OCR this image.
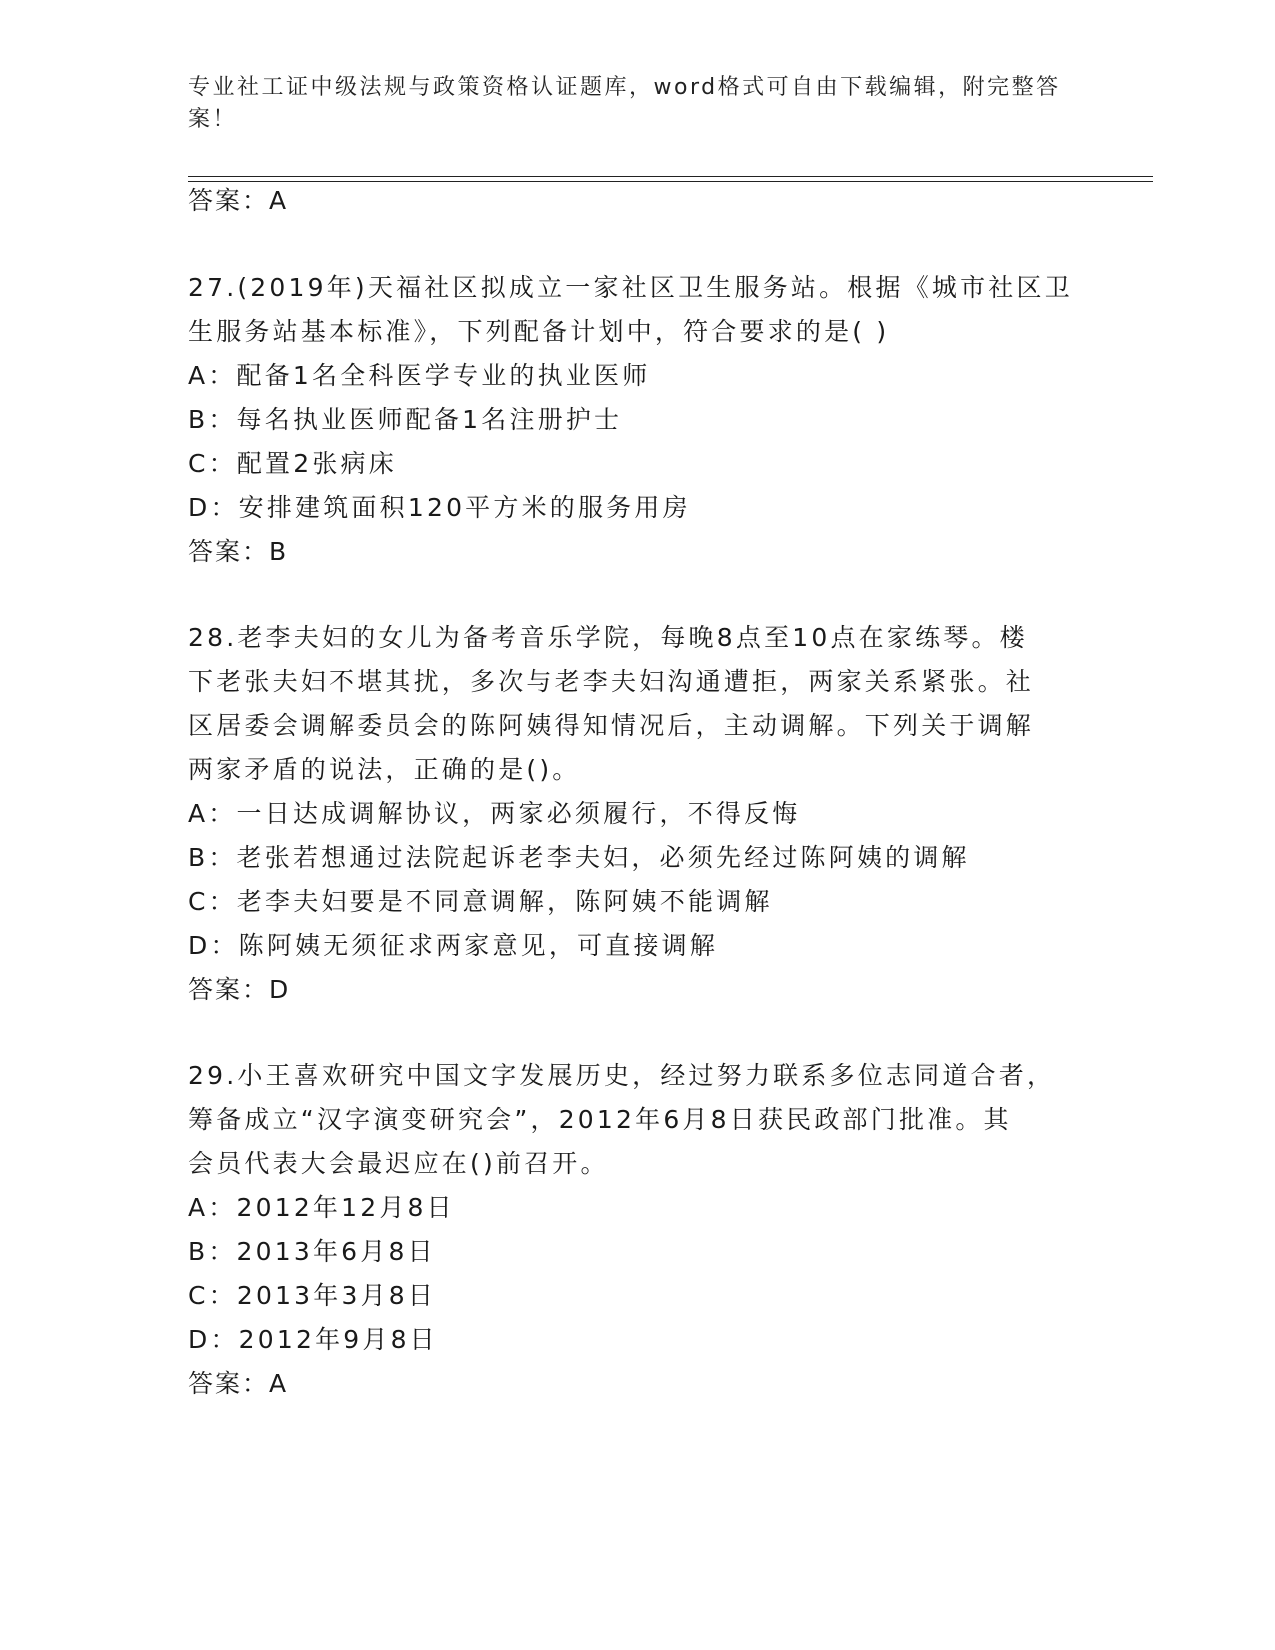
专业社工证中级法规与政策资格认证题库，word格式可自由下载编辑，附完整答案！
答案：A
27.(2019年)天福社区拟成立一家社区卫生服务站。根据《城市社区卫
生服务站基本标准》，下列配备计划中，符合要求的是( )
A：配备1名全科医学专业的执业医师
B：每名执业医师配备1名注册护士
C：配置2张病床
D：安排建筑面积120平方米的服务用房
答案：B
28.老李夫妇的女儿为备考音乐学院，每晚8点至10点在家练琴。楼
下老张夫妇不堪其扰，多次与老李夫妇沟通遭拒，两家关系紧张。社
区居委会调解委员会的陈阿姨得知情况后，主动调解。下列关于调解
两家矛盾的说法，正确的是()。
A：一日达成调解协议，两家必须履行，不得反悔
B：老张若想通过法院起诉老李夫妇，必须先经过陈阿姨的调解
C：老李夫妇要是不同意调解，陈阿姨不能调解
D：陈阿姨无须征求两家意见，可直接调解
答案：D
29.小王喜欢研究中国文字发展历史，经过努力联系多位志同道合者，
筹备成立“汉字演变研究会”，2012年6月8日获民政部门批准。其
会员代表大会最迟应在()前召开。
A：2012年12月8日
B：2013年6月8日
C：2013年3月8日
D：2012年9月8日
答案：A
